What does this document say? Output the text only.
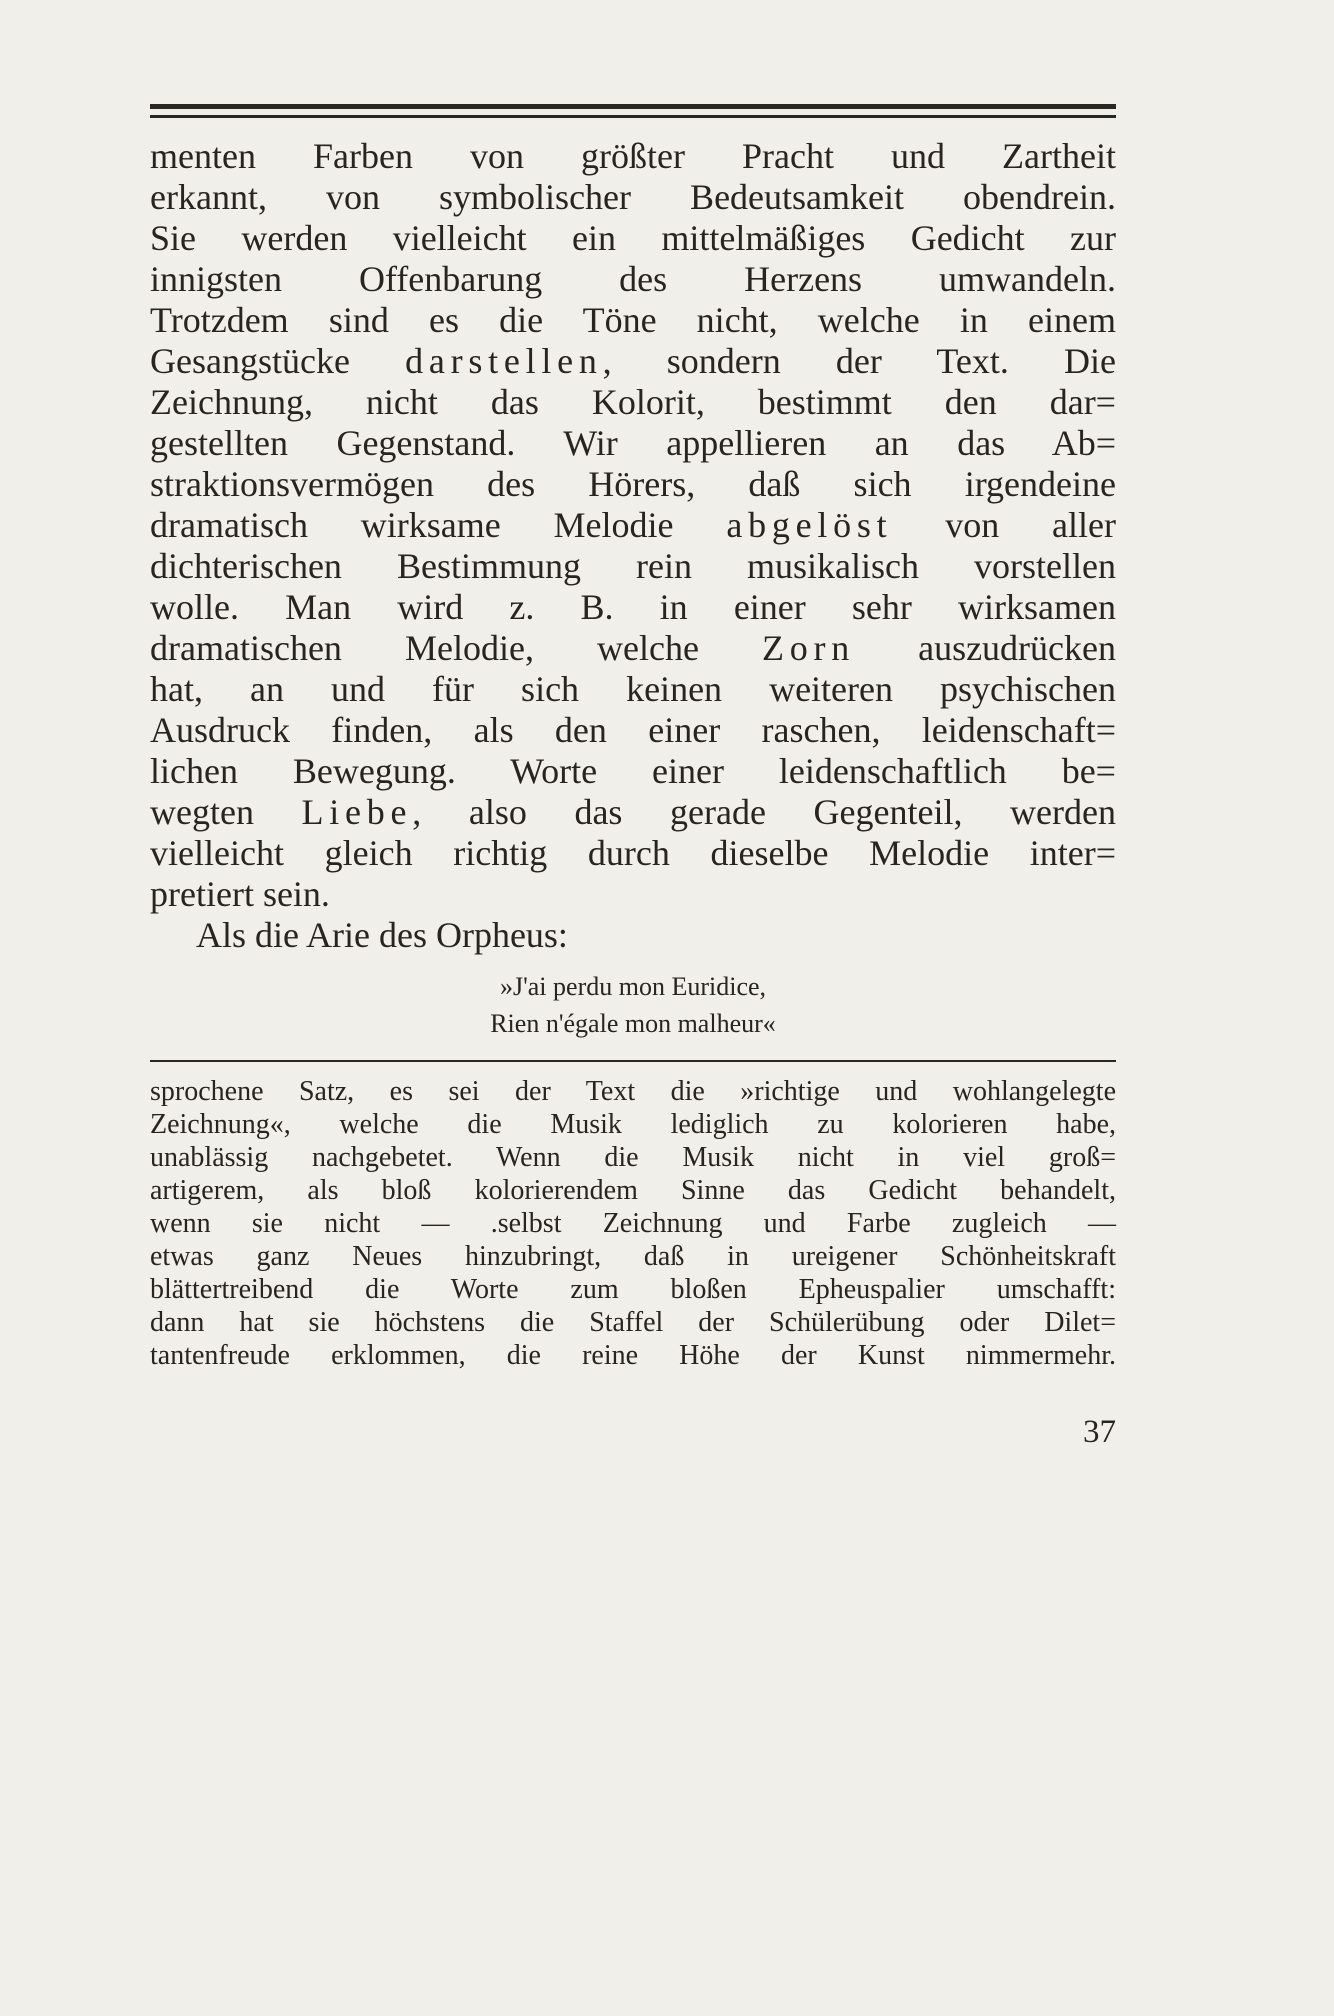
menten Farben von größter Pracht und Zartheit
erkannt, von symbolischer Bedeutsamkeit obendrein.
Sie werden vielleicht ein mittelmäßiges Gedicht zur
innigsten Offenbarung des Herzens umwandeln.
Trotzdem sind es die Töne nicht, welche in einem
Gesangstücke darstellen, sondern der Text. Die
Zeichnung, nicht das Kolorit, bestimmt den dar=
gestellten Gegenstand. Wir appellieren an das Ab=
straktionsvermögen des Hörers, daß sich irgendeine
dramatisch wirksame Melodie abgelöst von aller
dichterischen Bestimmung rein musikalisch vorstellen
wolle. Man wird z. B. in einer sehr wirksamen
dramatischen Melodie, welche Zorn auszudrücken
hat, an und für sich keinen weiteren psychischen
Ausdruck finden, als den einer raschen, leidenschaft=
lichen Bewegung. Worte einer leidenschaftlich be=
wegten Liebe, also das gerade Gegenteil, werden
vielleicht gleich richtig durch dieselbe Melodie inter=
pretiert sein.
Als die Arie des Orpheus:
»J'ai perdu mon Euridice,
Rien n'égale mon malheur«
sprochene Satz, es sei der Text die »richtige und wohlangelegte
Zeichnung«, welche die Musik lediglich zu kolorieren habe,
unablässig nachgebetet. Wenn die Musik nicht in viel groß=
artigerem, als bloß kolorierendem Sinne das Gedicht behandelt,
wenn sie nicht — .selbst Zeichnung und Farbe zugleich —
etwas ganz Neues hinzubringt, daß in ureigener Schönheitskraft
blättertreibend die Worte zum bloßen Epheuspalier umschafft:
dann hat sie höchstens die Staffel der Schülerübung oder Dilet=
tantenfreude erklommen, die reine Höhe der Kunst nimmermehr.
37
